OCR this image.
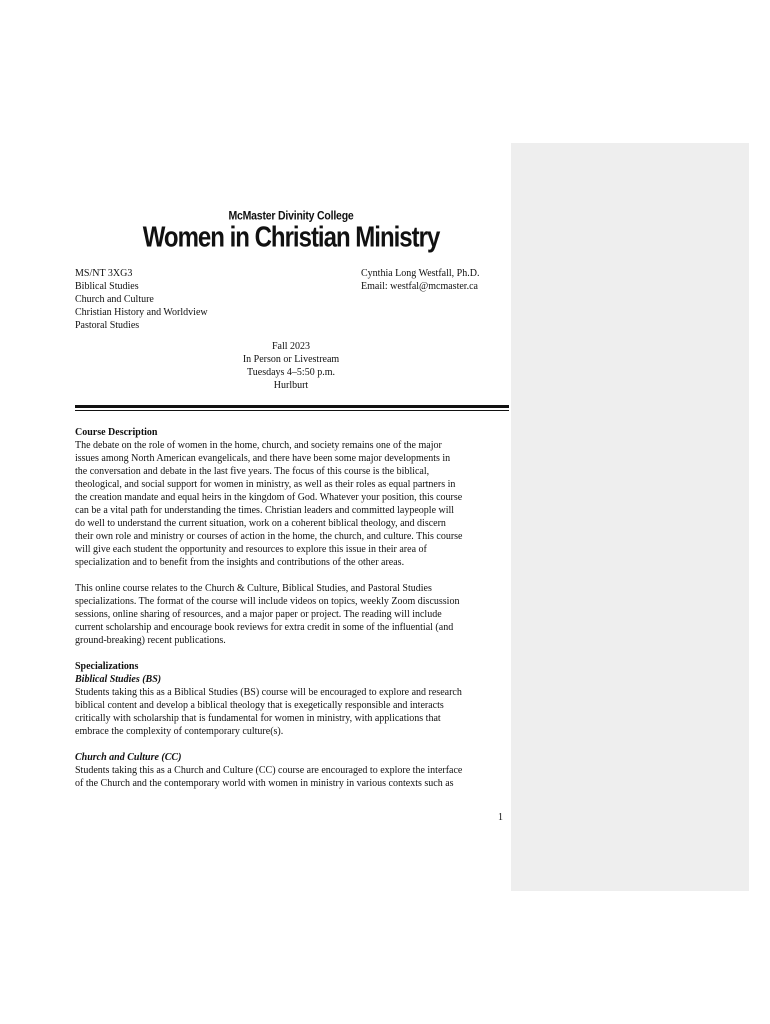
McMaster Divinity College
Women in Christian Ministry
MS/NT 3XG3
Biblical Studies
Church and Culture
Christian History and Worldview
Pastoral Studies
Cynthia Long Westfall, Ph.D.
Email: westfal@mcmaster.ca
Fall 2023
In Person or Livestream
Tuesdays 4–5:50 p.m.
Hurlburt
Course Description
The debate on the role of women in the home, church, and society remains one of the major
issues among North American evangelicals, and there have been some major developments in
the conversation and debate in the last five years. The focus of this course is the biblical,
theological, and social support for women in ministry, as well as their roles as equal partners in
the creation mandate and equal heirs in the kingdom of God. Whatever your position, this course
can be a vital path for understanding the times. Christian leaders and committed laypeople will
do well to understand the current situation, work on a coherent biblical theology, and discern
their own role and ministry or courses of action in the home, the church, and culture. This course
will give each student the opportunity and resources to explore this issue in their area of
specialization and to benefit from the insights and contributions of the other areas.
This online course relates to the Church & Culture, Biblical Studies, and Pastoral Studies
specializations. The format of the course will include videos on topics, weekly Zoom discussion
sessions, online sharing of resources, and a major paper or project. The reading will include
current scholarship and encourage book reviews for extra credit in some of the influential (and
ground-breaking) recent publications.
Specializations
Biblical Studies (BS)
Students taking this as a Biblical Studies (BS) course will be encouraged to explore and research
biblical content and develop a biblical theology that is exegetically responsible and interacts
critically with scholarship that is fundamental for women in ministry, with applications that
embrace the complexity of contemporary culture(s).
Church and Culture (CC)
Students taking this as a Church and Culture (CC) course are encouraged to explore the interface
of the Church and the contemporary world with women in ministry in various contexts such as
1
